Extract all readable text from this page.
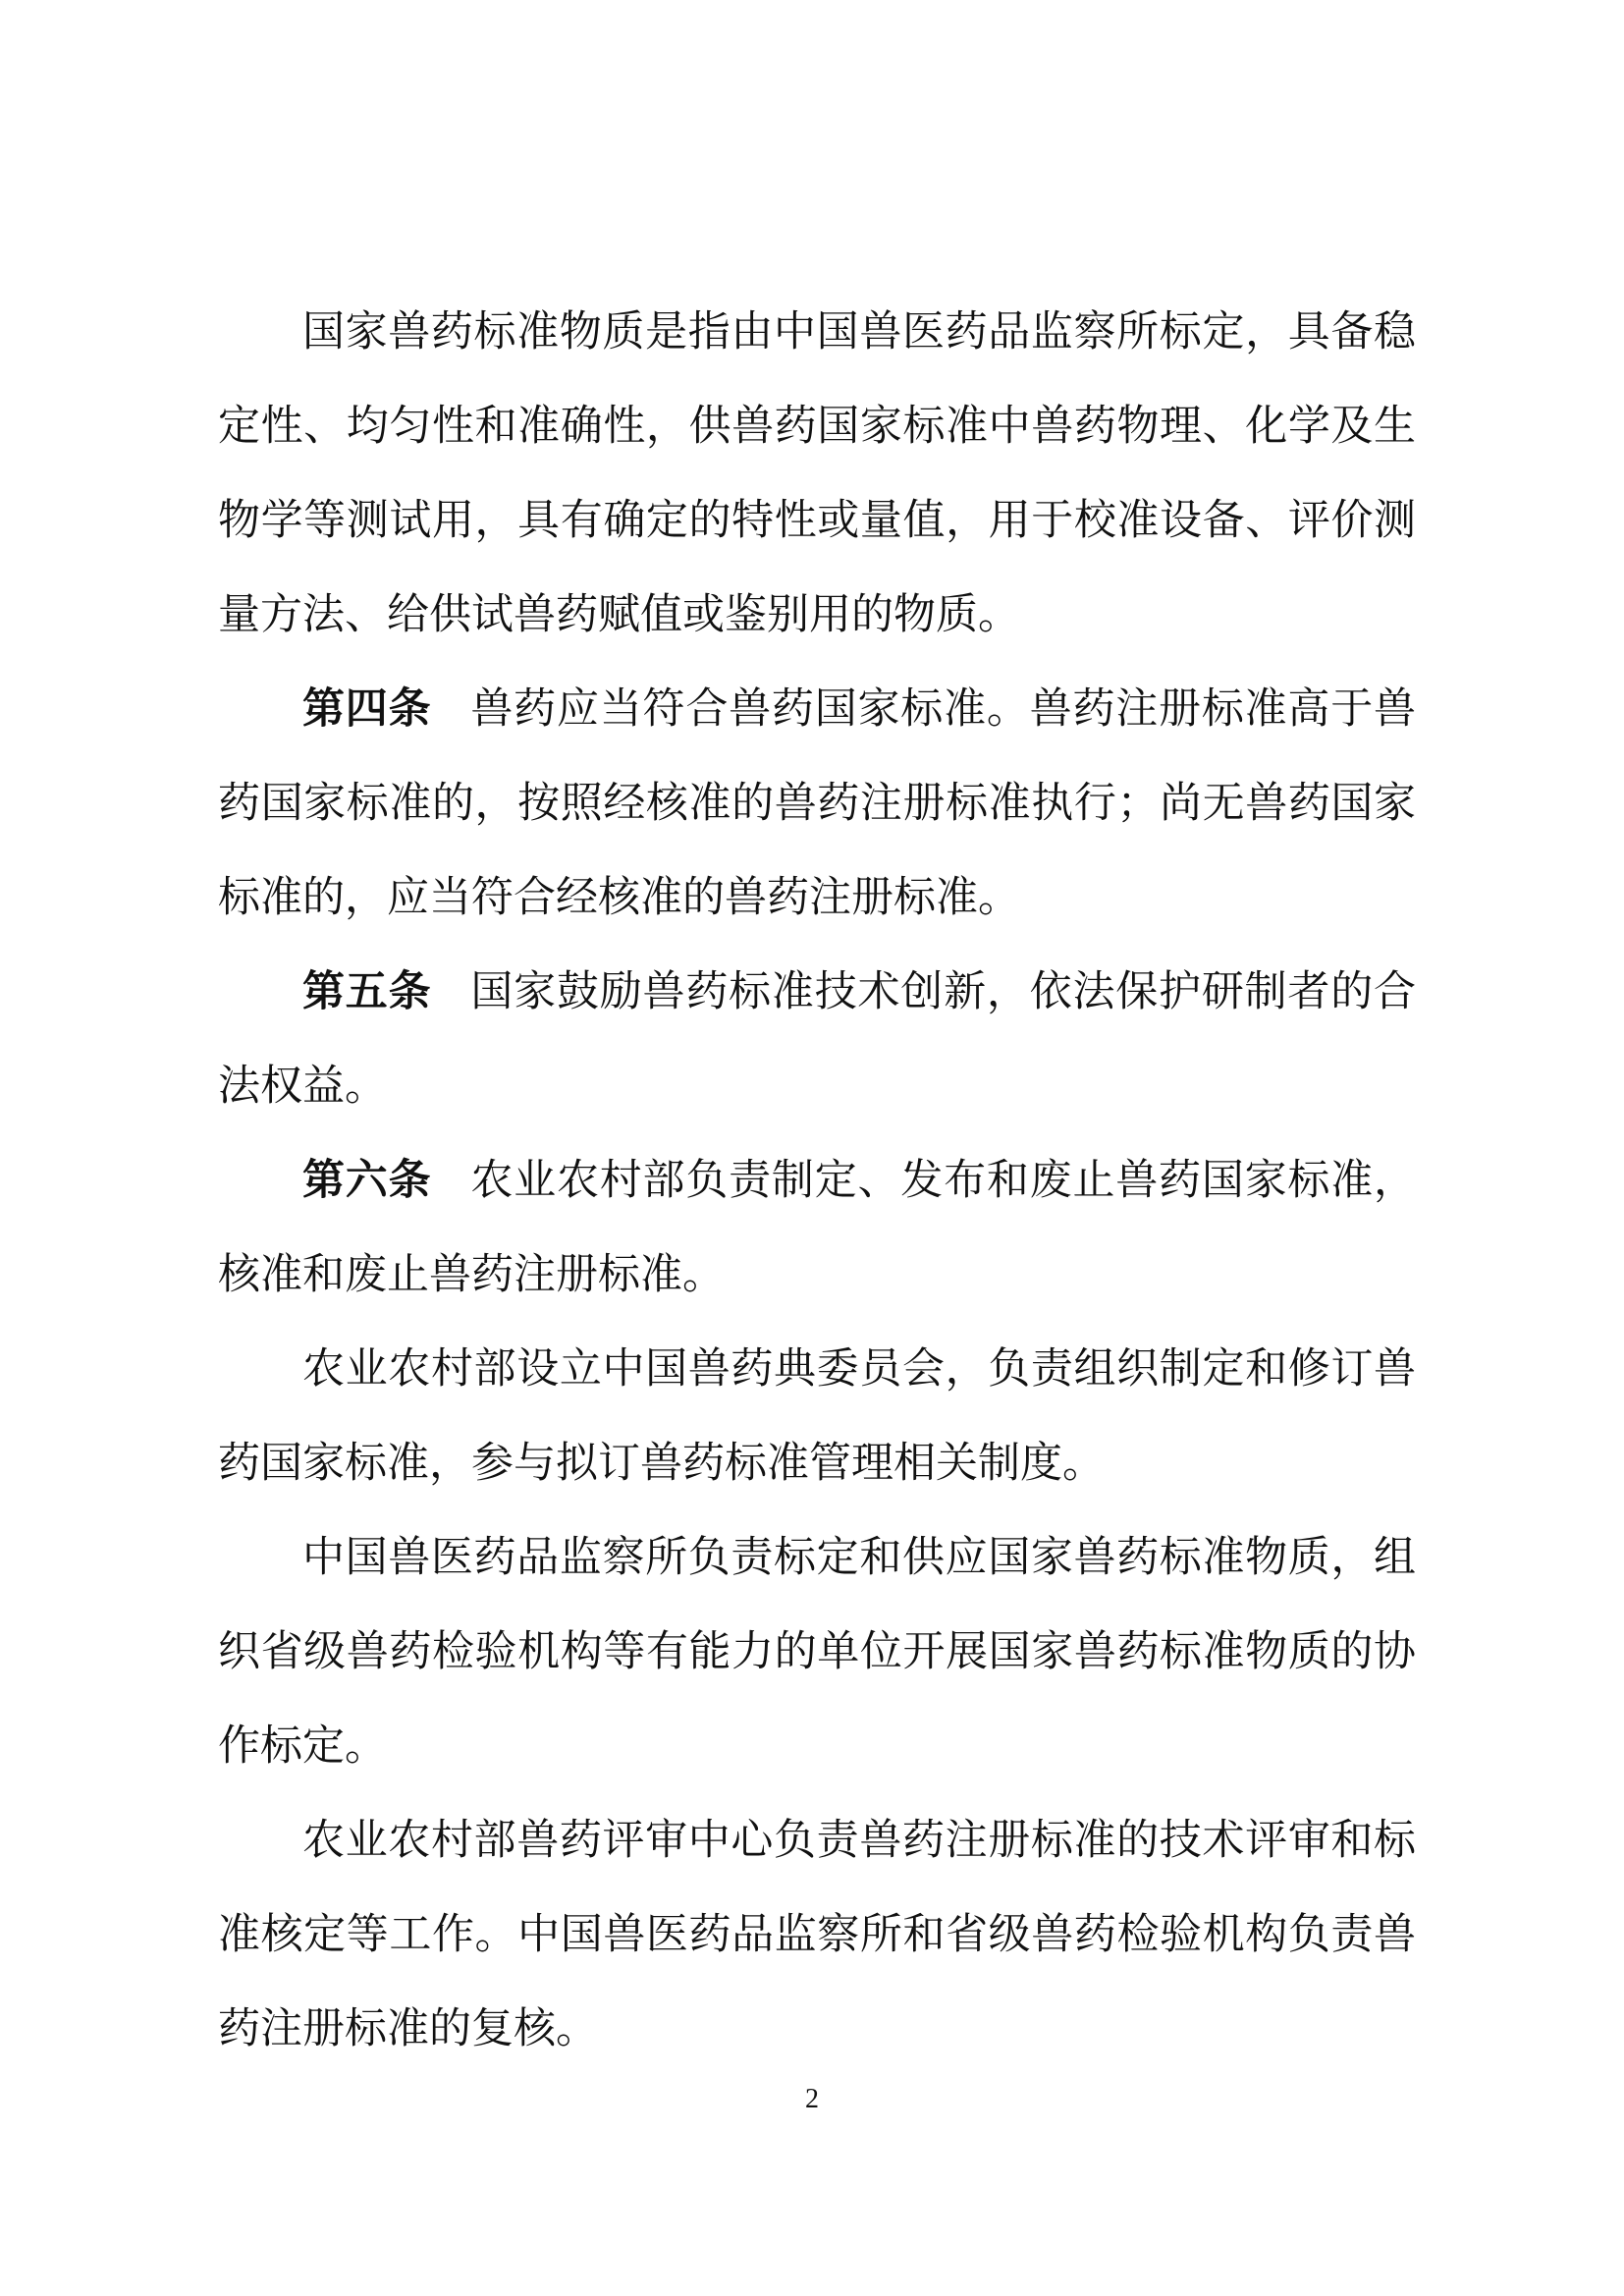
国家兽药标准物质是指由中国兽医药品监察所标定，具备稳定性、均匀性和准确性，供兽药国家标准中兽药物理、化学及生物学等测试用，具有确定的特性或量值，用于校准设备、评价测量方法、给供试兽药赋值或鉴别用的物质。

第四条 兽药应当符合兽药国家标准。兽药注册标准高于兽药国家标准的，按照经核准的兽药注册标准执行；尚无兽药国家标准的，应当符合经核准的兽药注册标准。

第五条 国家鼓励兽药标准技术创新，依法保护研制者的合法权益。

第六条 农业农村部负责制定、发布和废止兽药国家标准，核准和废止兽药注册标准。

农业农村部设立中国兽药典委员会，负责组织制定和修订兽药国家标准，参与拟订兽药标准管理相关制度。

中国兽医药品监察所负责标定和供应国家兽药标准物质，组织省级兽药检验机构等有能力的单位开展国家兽药标准物质的协作标定。

农业农村部兽药评审中心负责兽药注册标准的技术评审和标准核定等工作。中国兽医药品监察所和省级兽药检验机构负责兽药注册标准的复核。

2
